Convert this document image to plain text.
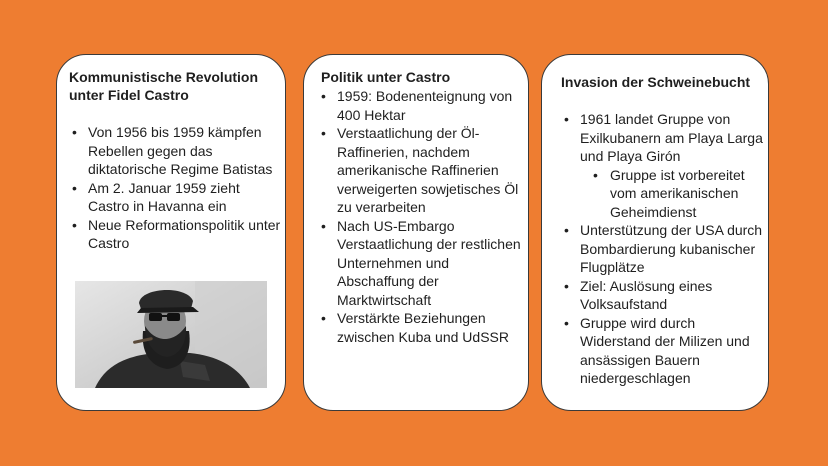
Kommunistische Revolution unter Fidel Castro
• Von 1956 bis 1959 kämpfen Rebellen gegen das diktatorische Regime Batistas
• Am 2. Januar 1959 zieht Castro in Havanna ein
• Neue Reformationspolitik unter Castro
Politik unter Castro
• 1959: Bodenenteignung von 400 Hektar
• Verstaatlichung der Öl-Raffinerien, nachdem amerikanische Raffinerien verweigerten sowjetisches Öl zu verarbeiten
• Nach US-Embargo Verstaatlichung der restlichen Unternehmen und Abschaffung der Marktwirtschaft
• Verstärkte Beziehungen zwischen Kuba und UdSSR
Invasion der Schweinebucht
• 1961 landet Gruppe von Exilkubanern am Playa Larga und Playa Girón
• Gruppe ist vorbereitet vom amerikanischen Geheimdienst
• Unterstützung der USA durch Bombardierung kubanischer Flugplätze
• Ziel: Auslösung eines Volksaufstand
• Gruppe wird durch Widerstand der Milizen und ansässigen Bauern niedergeschlagen
